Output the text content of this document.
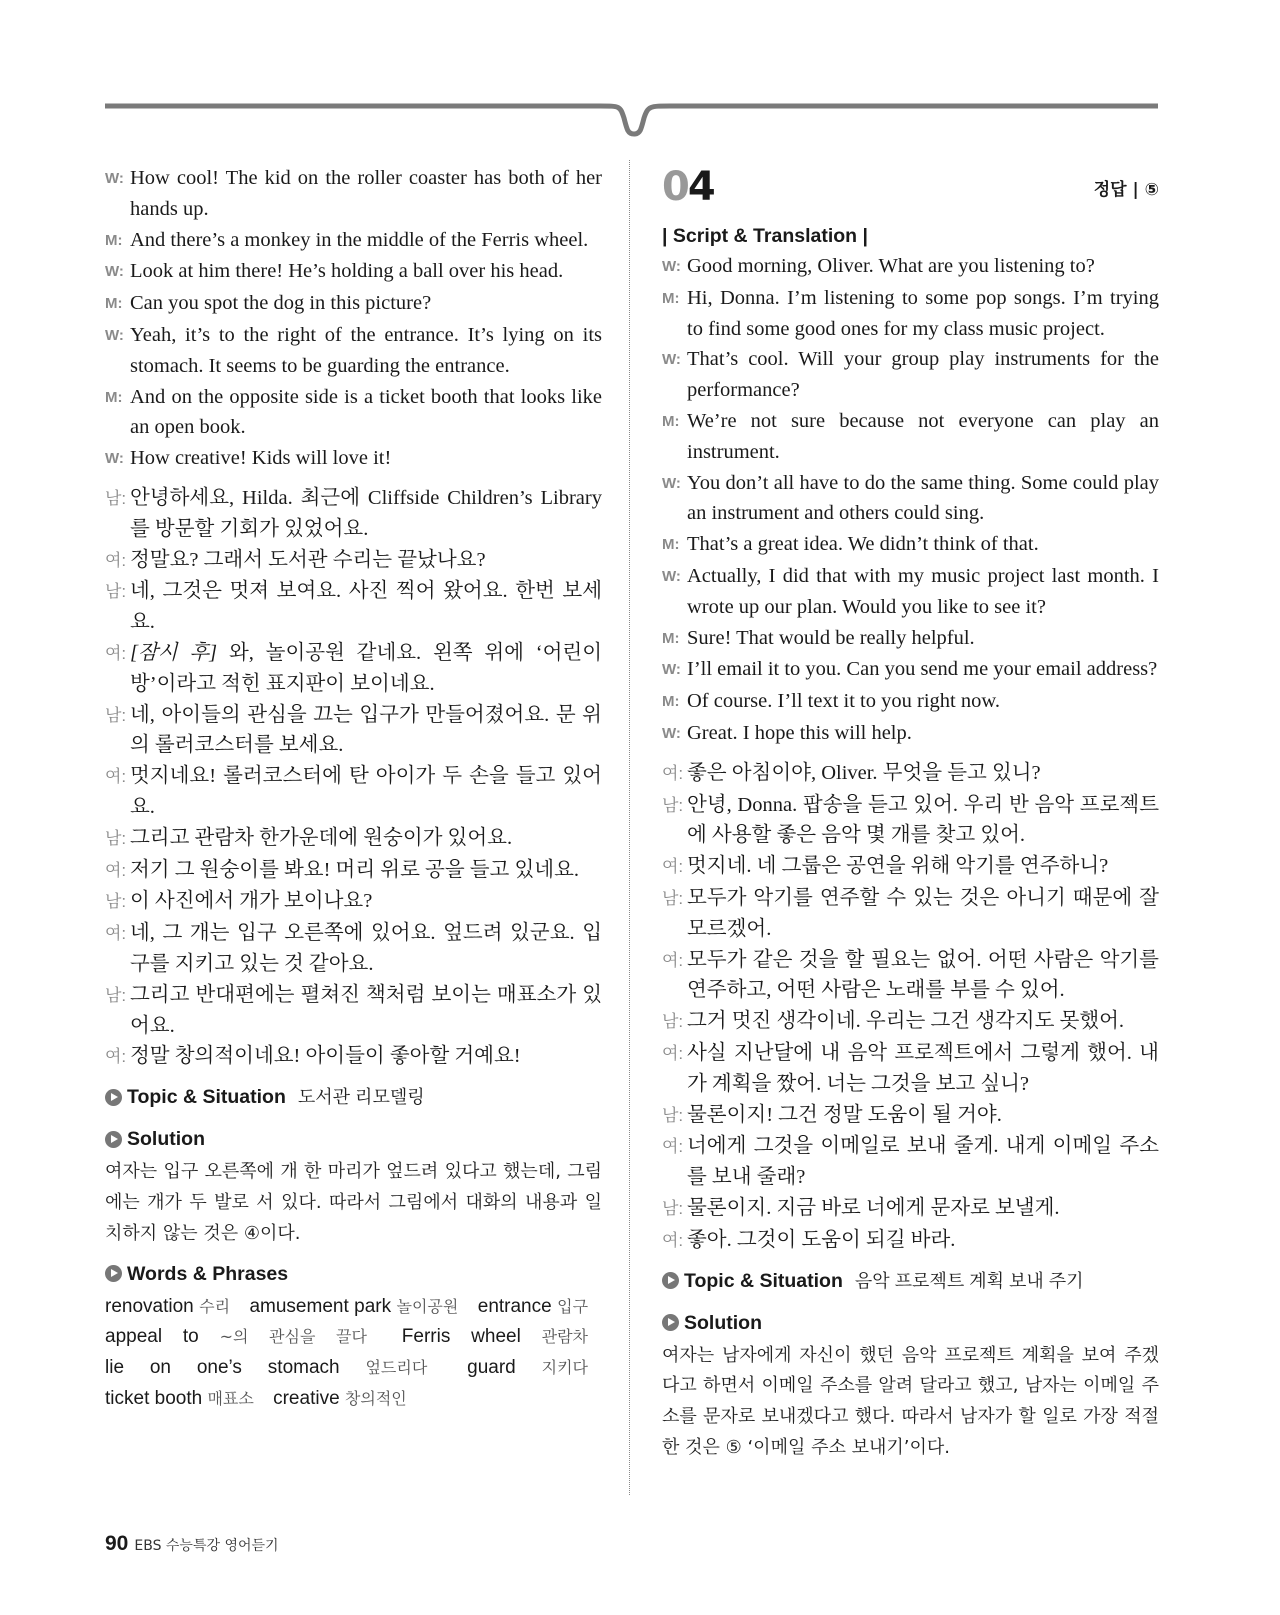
W: How cool! The kid on the roller coaster has both of her hands up.
M: And there’s a monkey in the middle of the Ferris wheel.
W: Look at him there! He’s holding a ball over his head.
M: Can you spot the dog in this picture?
W: Yeah, it’s to the right of the entrance. It’s lying on its stomach. It seems to be guarding the entrance.
M: And on the opposite side is a ticket booth that looks like an open book.
W: How creative! Kids will love it!
남: 안녕하세요, Hilda. 최근에 Cliffside Children’s Library를 방문할 기회가 있었어요.
여: 정말요? 그래서 도서관 수리는 끝났나요?
남: 네, 그것은 멋져 보여요. 사진 찍어 왔어요. 한번 보세요.
여: [잠시 후] 와, 놀이공원 같네요. 왼쪽 위에 ‘어린이 방’이라고 적힌 표지판이 보이네요.
남: 네, 아이들의 관심을 끄는 입구가 만들어졌어요. 문 위의 롤러코스터를 보세요.
여: 멋지네요! 롤러코스터에 탄 아이가 두 손을 들고 있어요.
남: 그리고 관람차 한가운데에 원숭이가 있어요.
여: 저기 그 원숭이를 봐요! 머리 위로 공을 들고 있네요.
남: 이 사진에서 개가 보이나요?
여: 네, 그 개는 입구 오른쪽에 있어요. 엎드려 있군요. 입구를 지키고 있는 것 같아요.
남: 그리고 반대편에는 펼쳐진 책처럼 보이는 매표소가 있어요.
여: 정말 창의적이네요! 아이들이 좋아할 거예요!
Topic & Situation 도서관 리모델링
Solution
여자는 입구 오른쪽에 개 한 마리가 엎드려 있다고 했는데, 그림에는 개가 두 발로 서 있다. 따라서 그림에서 대화의 내용과 일치하지 않는 것은 ④이다.
Words & Phrases
renovation 수리 amusement park 놀이공원 entrance 입구 appeal to ~의 관심을 끌다 Ferris wheel 관람차 lie on one’s stomach 엎드리다 guard 지키다 ticket booth 매표소 creative 창의적인
04	정답 | ⑤
| Script & Translation |
W: Good morning, Oliver. What are you listening to?
M: Hi, Donna. I’m listening to some pop songs. I’m trying to find some good ones for my class music project.
W: That’s cool. Will your group play instruments for the performance?
M: We’re not sure because not everyone can play an instrument.
W: You don’t all have to do the same thing. Some could play an instrument and others could sing.
M: That’s a great idea. We didn’t think of that.
W: Actually, I did that with my music project last month. I wrote up our plan. Would you like to see it?
M: Sure! That would be really helpful.
W: I’ll email it to you. Can you send me your email address?
M: Of course. I’ll text it to you right now.
W: Great. I hope this will help.
여: 좋은 아침이야, Oliver. 무엇을 듣고 있니?
남: 안녕, Donna. 팝송을 듣고 있어. 우리 반 음악 프로젝트에 사용할 좋은 음악 몇 개를 찾고 있어.
여: 멋지네. 네 그룹은 공연을 위해 악기를 연주하니?
남: 모두가 악기를 연주할 수 있는 것은 아니기 때문에 잘 모르겠어.
여: 모두가 같은 것을 할 필요는 없어. 어떤 사람은 악기를 연주하고, 어떤 사람은 노래를 부를 수 있어.
남: 그거 멋진 생각이네. 우리는 그건 생각지도 못했어.
여: 사실 지난달에 내 음악 프로젝트에서 그렇게 했어. 내가 계획을 짰어. 너는 그것을 보고 싶니?
남: 물론이지! 그건 정말 도움이 될 거야.
여: 너에게 그것을 이메일로 보내 줄게. 내게 이메일 주소를 보내 줄래?
남: 물론이지. 지금 바로 너에게 문자로 보낼게.
여: 좋아. 그것이 도움이 되길 바라.
Topic & Situation 음악 프로젝트 계획 보내 주기
Solution
여자는 남자에게 자신이 했던 음악 프로젝트 계획을 보여 주겠다고 하면서 이메일 주소를 알려 달라고 했고, 남자는 이메일 주소를 문자로 보내겠다고 했다. 따라서 남자가 할 일로 가장 적절한 것은 ⑤ ‘이메일 주소 보내기’이다.
90 EBS 수능특강 영어듣기
